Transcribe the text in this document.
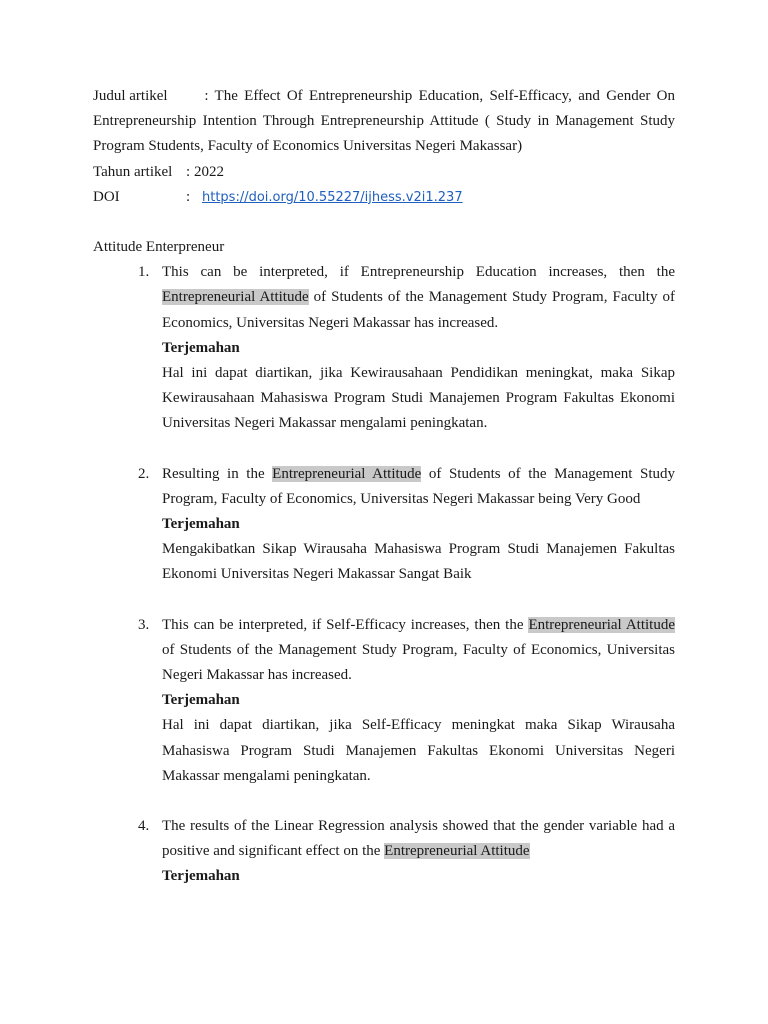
Judul artikel : The Effect Of Entrepreneurship Education, Self-Efficacy, and Gender On Entrepreneurship Intention Through Entrepreneurship Attitude ( Study in Management Study Program Students, Faculty of Economics Universitas Negeri Makassar)
Tahun artikel : 2022
DOI	: https://doi.org/10.55227/ijhess.v2i1.237
Attitude Enterpreneur
1. This can be interpreted, if Entrepreneurship Education increases, then the Entrepreneurial Attitude of Students of the Management Study Program, Faculty of Economics, Universitas Negeri Makassar has increased.
Terjemahan
Hal ini dapat diartikan, jika Kewirausahaan Pendidikan meningkat, maka Sikap Kewirausahaan Mahasiswa Program Studi Manajemen Program Fakultas Ekonomi Universitas Negeri Makassar mengalami peningkatan.
2. Resulting in the Entrepreneurial Attitude of Students of the Management Study Program, Faculty of Economics, Universitas Negeri Makassar being Very Good
Terjemahan
Mengakibatkan Sikap Wirausaha Mahasiswa Program Studi Manajemen Fakultas Ekonomi Universitas Negeri Makassar Sangat Baik
3. This can be interpreted, if Self-Efficacy increases, then the Entrepreneurial Attitude of Students of the Management Study Program, Faculty of Economics, Universitas Negeri Makassar has increased.
Terjemahan
Hal ini dapat diartikan, jika Self-Efficacy meningkat maka Sikap Wirausaha Mahasiswa Program Studi Manajemen Fakultas Ekonomi Universitas Negeri Makassar mengalami peningkatan.
4. The results of the Linear Regression analysis showed that the gender variable had a positive and significant effect on the Entrepreneurial Attitude
Terjemahan
